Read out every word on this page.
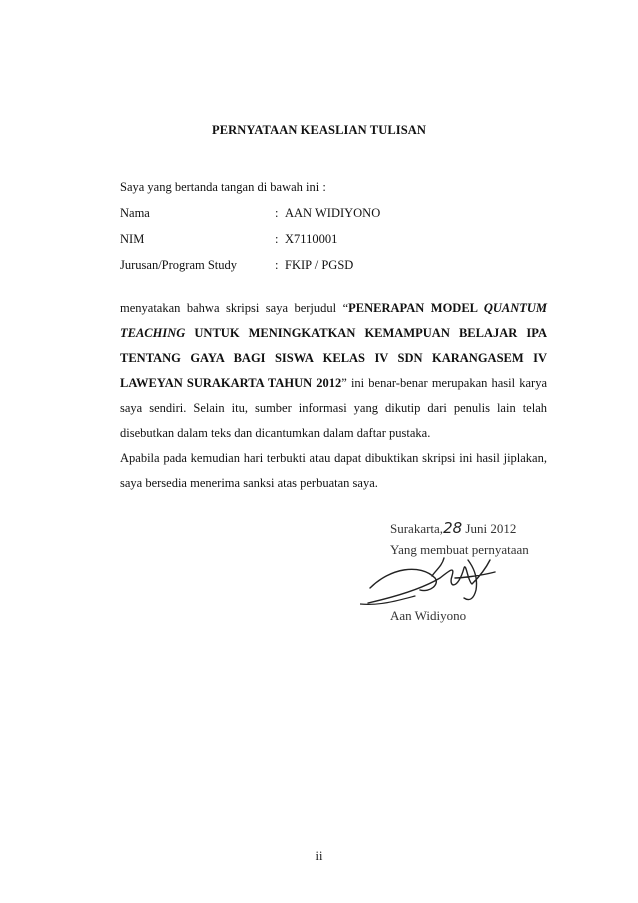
PERNYATAAN KEASLIAN TULISAN
Saya yang bertanda tangan di bawah ini :
Nama	: AAN WIDIYONO
NIM	: X7110001
Jurusan/Program Study	: FKIP / PGSD

menyatakan bahwa skripsi saya berjudul “PENERAPAN MODEL QUANTUM TEACHING UNTUK MENINGKATKAN KEMAMPUAN BELAJAR IPA TENTANG GAYA BAGI SISWA KELAS IV SDN KARANGASEM IV LAWEYAN SURAKARTA TAHUN 2012” ini benar-benar merupakan hasil karya saya sendiri. Selain itu, sumber informasi yang dikutip dari penulis lain telah disebutkan dalam teks dan dicantumkan dalam daftar pustaka.

Apabila pada kemudian hari terbukti atau dapat dibuktikan skripsi ini hasil jiplakan, saya bersedia menerima sanksi atas perbuatan saya.

Surakarta,28 Juni 2012
Yang membuat pernyataan
Aan Widiyono
ii
